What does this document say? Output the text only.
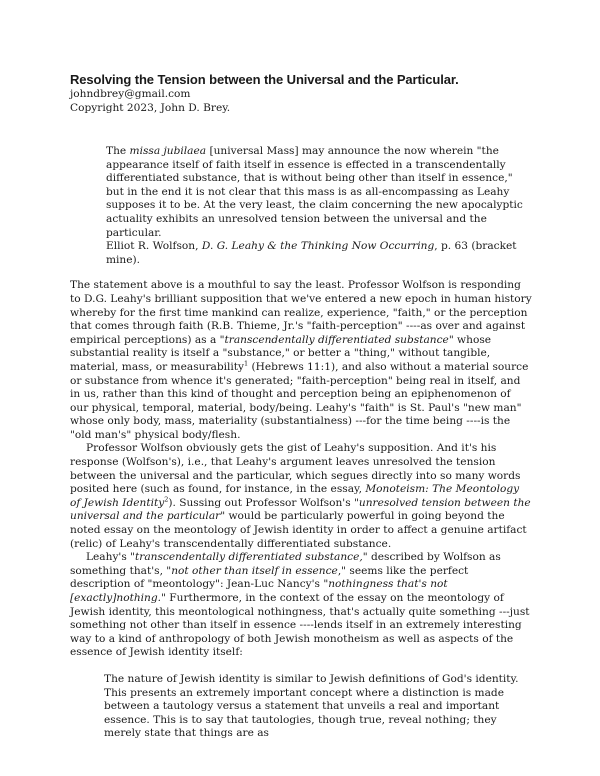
Resolving the Tension between the Universal and the Particular.
johndbrey@gmail.com
Copyright 2023, John D. Brey.

The missa jubilaea [universal Mass] may announce the now wherein "the appearance itself of faith itself in essence is effected in a transcendentally differentiated substance, that is without being other than itself in essence," but in the end it is not clear that this mass is as all-encompassing as Leahy supposes it to be. At the very least, the claim concerning the new apocalyptic actuality exhibits an unresolved tension between the universal and the particular.

Elliot R. Wolfson, D. G. Leahy & the Thinking Now Occurring, p. 63 (bracket mine).

The statement above is a mouthful to say the least. Professor Wolfson is responding to D.G. Leahy's brilliant supposition that we've entered a new epoch in human history whereby for the first time mankind can realize, experience, "faith," or the perception that comes through faith (R.B. Thieme, Jr.'s "faith-perception" ----as over and against empirical perceptions) as a "transcendentally differentiated substance" whose substantial reality is itself a "substance," or better a "thing," without tangible, material, mass, or measurability$^1$ (Hebrews 11:1), and also without a material source or substance from whence it's generated; "faith-perception" being real in itself, and in us, rather than this kind of thought and perception being an epiphenomenon of our physical, temporal, material, body/being. Leahy's "faith" is St. Paul's "new man" whose only body, mass, materiality (substantialness) ---for the time being ----is the "old man's" physical body/flesh.

Professor Wolfson obviously gets the gist of Leahy's supposition. And it's his response (Wolfson's), i.e., that Leahy's argument leaves unresolved the tension between the universal and the particular, which segues directly into so many words posited here (such as found, for instance, in the essay, Monoteism: The Meontology of Jewish Identity$^2$). Sussing out Professor Wolfson's "unresolved tension between the universal and the particular" would be particularly powerful in going beyond the noted essay on the meontology of Jewish identity in order to affect a genuine artifact (relic) of Leahy's transcendentally differentiated substance.

Leahy's "transcendentally differentiated substance," described by Wolfson as something that's, "not other than itself in essence," seems like the perfect description of "meontology": Jean-Luc Nancy's "nothingness that's not [exactly]nothing." Furthermore, in the context of the essay on the meontology of Jewish identity, this meontological nothingness, that's actually quite something ---just something not other than itself in essence ----lends itself in an extremely interesting way to a kind of anthropology of both Jewish monotheism as well as aspects of the essence of Jewish identity itself:

The nature of Jewish identity is similar to Jewish definitions of God's identity. This presents an extremely important concept where a distinction is made between a tautology versus a statement that unveils a real and important essence. This is to say that tautologies, though true, reveal nothing; they merely state that things are as
